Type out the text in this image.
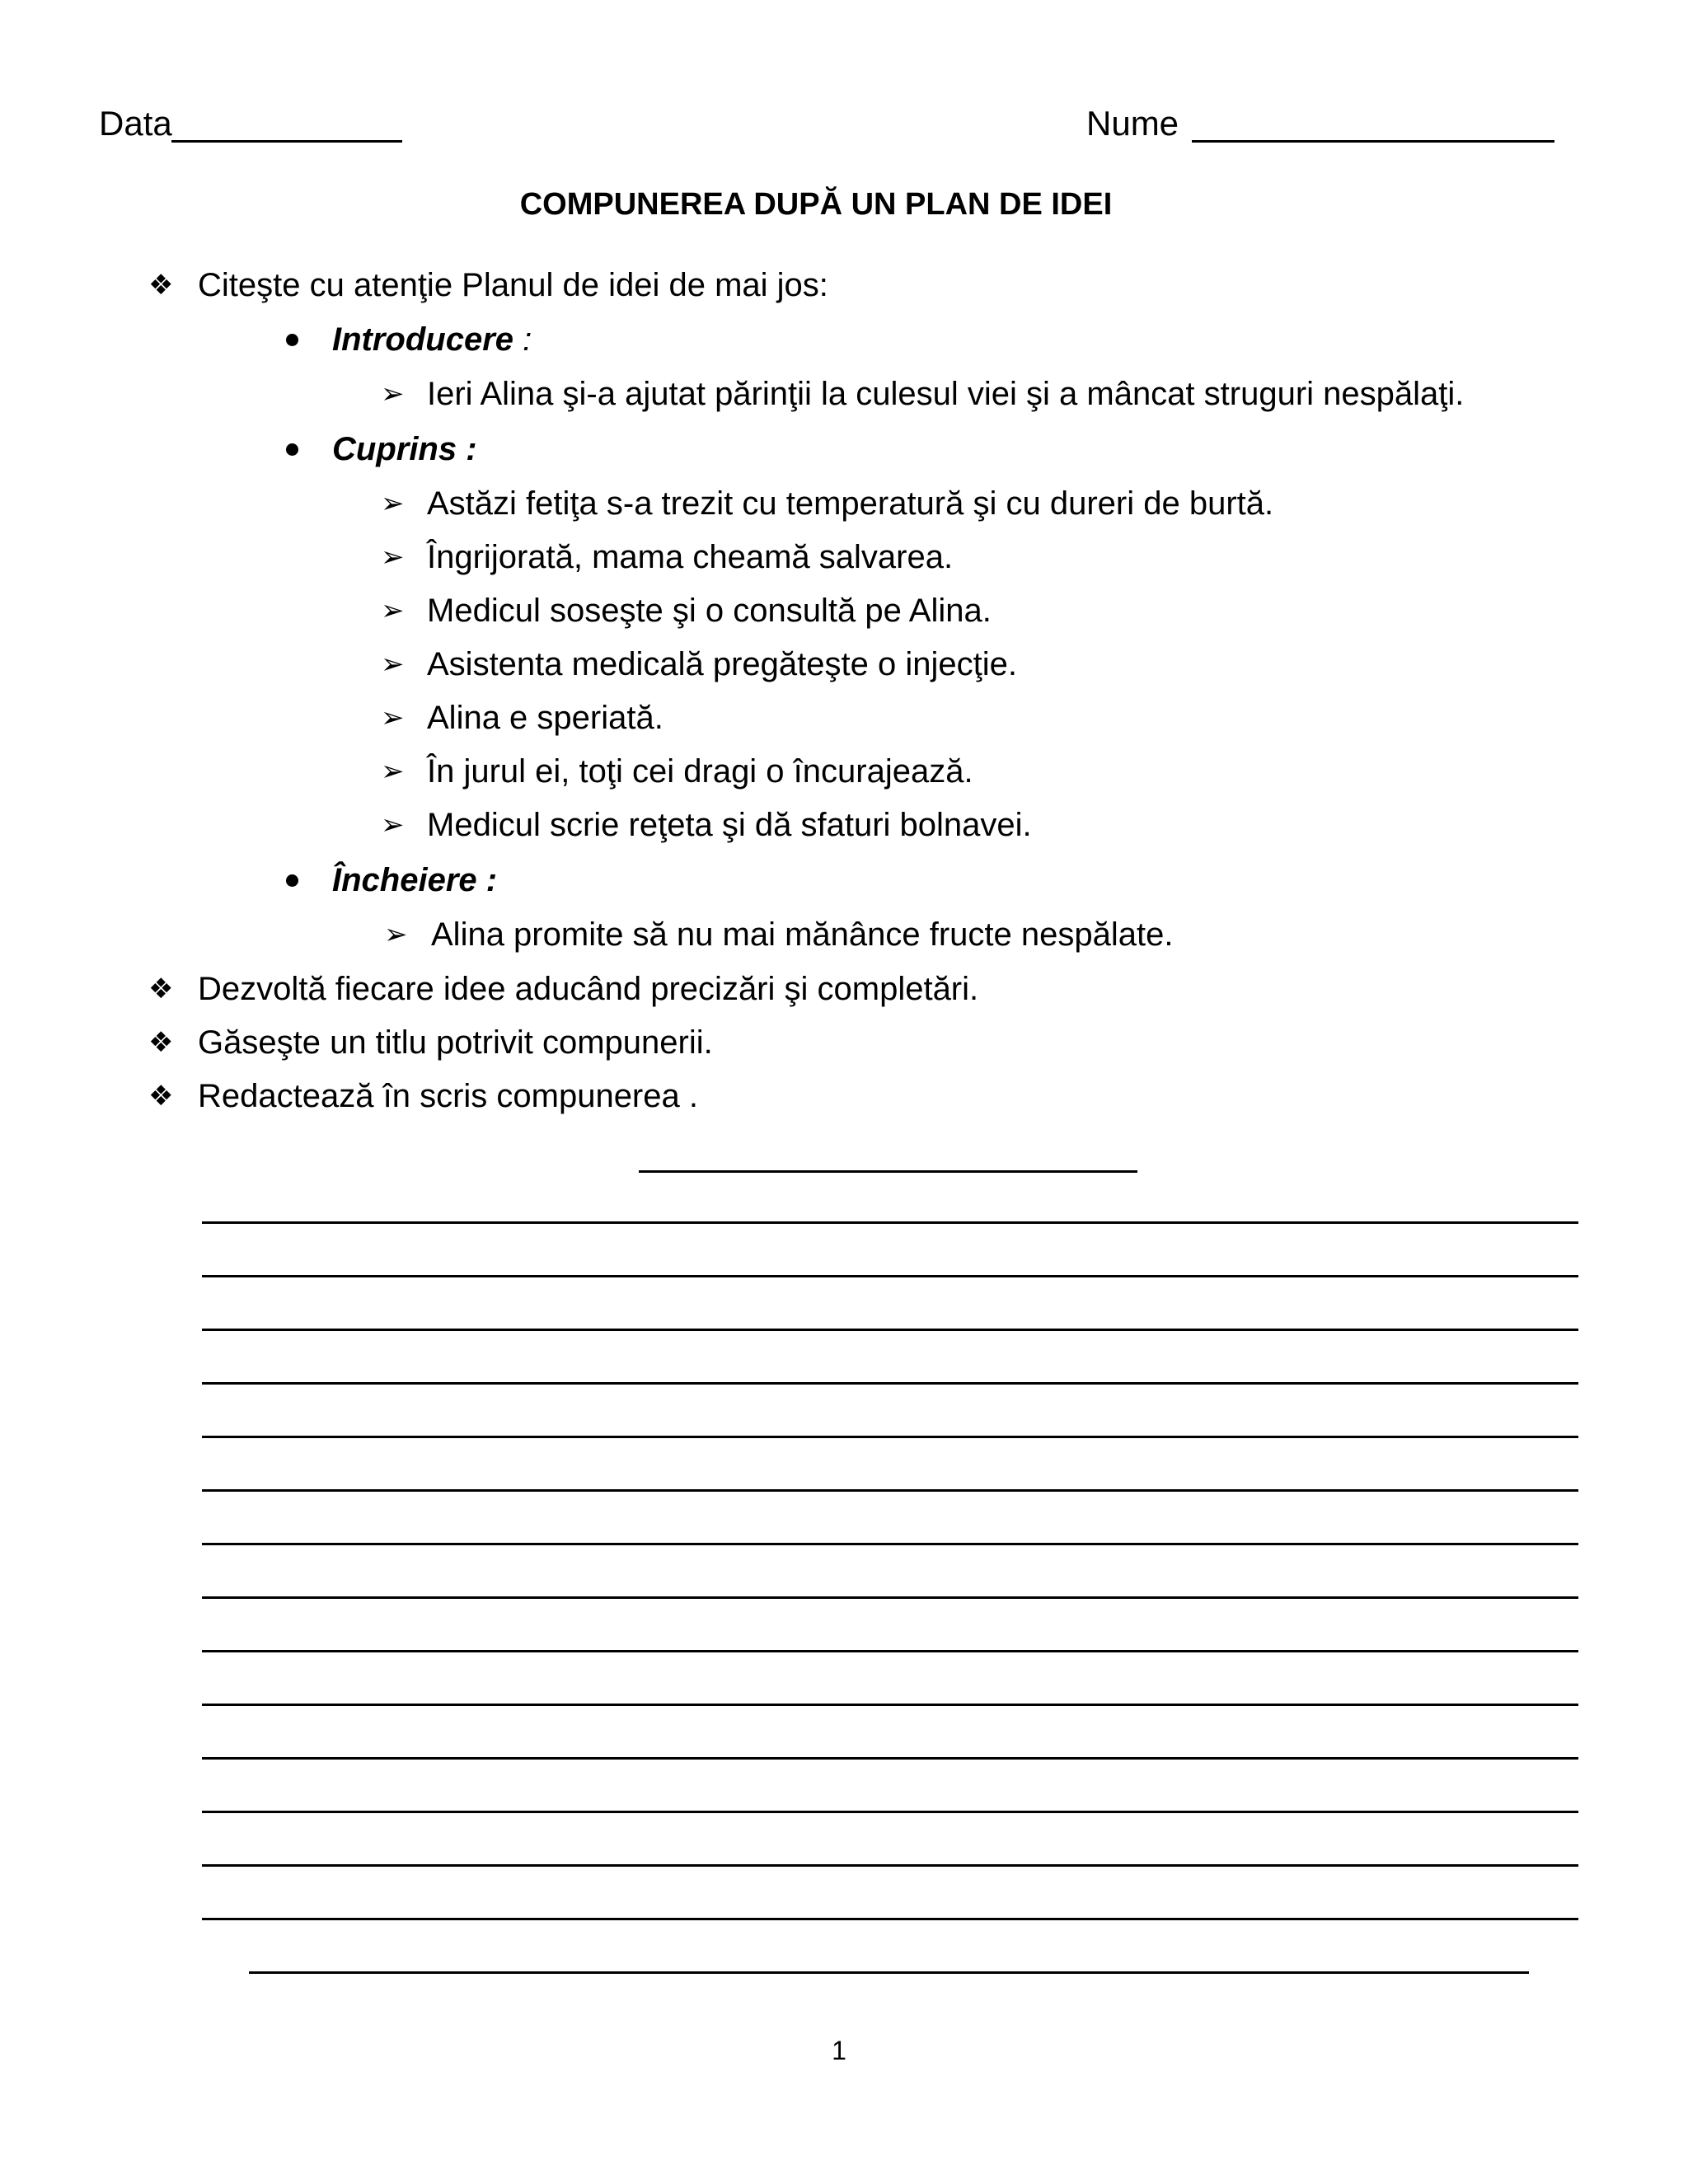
Data	Nume
COMPUNEREA DUPĂ UN PLAN DE IDEI
❖ Citeşte cu atenţie Planul de idei de mai jos:
Introducere :
➢ Ieri Alina şi-a ajutat părinţii la culesul viei şi a mâncat struguri nespălaţi.
Cuprins :
➢ Astăzi fetiţa s-a trezit cu temperatură şi cu dureri de burtă.
➢ Îngrijorată, mama cheamă salvarea.
➢ Medicul soseşte şi o consultă pe Alina.
➢ Asistenta medicală pregăteşte o injecţie.
➢ Alina e speriată.
➢ În jurul ei, toţi cei dragi o încurajează.
➢ Medicul scrie reţeta şi dă sfaturi bolnavei.
Încheiere :
➢ Alina promite să nu mai mănânce fructe nespălate.
❖ Dezvoltă fiecare idee aducând precizări şi completări.
❖ Găseşte un titlu potrivit compunerii.
❖ Redactează în scris compunerea .
1
